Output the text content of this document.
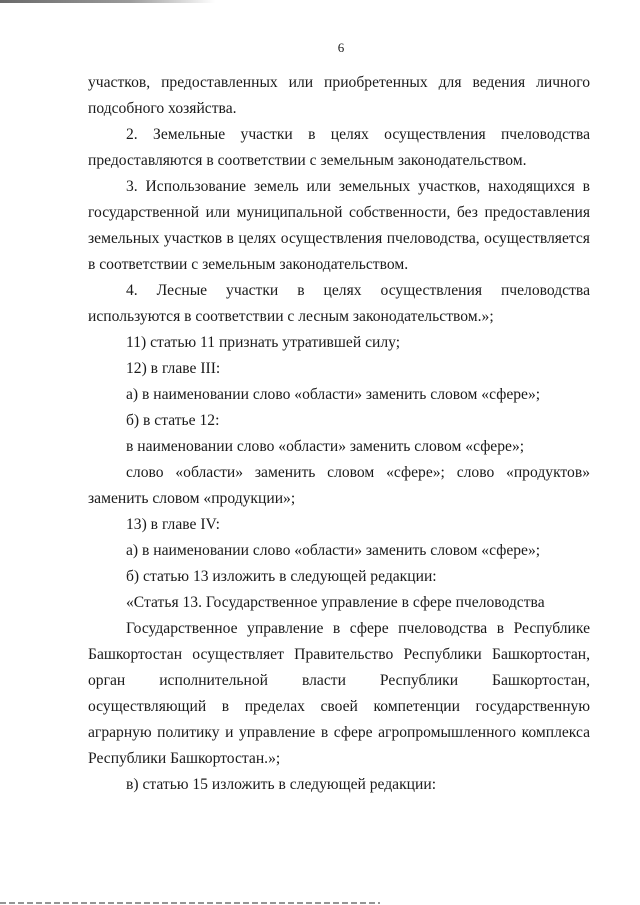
6

участков, предоставленных или приобретенных для ведения личного подсобного хозяйства.

2. Земельные участки в целях осуществления пчеловодства предоставляются в соответствии с земельным законодательством.

3. Использование земель или земельных участков, находящихся в государственной или муниципальной собственности, без предоставления земельных участков в целях осуществления пчеловодства, осуществляется в соответствии с земельным законодательством.

4. Лесные участки в целях осуществления пчеловодства используются в соответствии с лесным законодательством.»;

11) статью 11 признать утратившей силу;

12) в главе III:

а) в наименовании слово «области» заменить словом «сфере»;

б) в статье 12:

в наименовании слово «области» заменить словом «сфере»;

слово «области» заменить словом «сфере»; слово «продуктов» заменить словом «продукции»;

13) в главе IV:

а) в наименовании слово «области» заменить словом «сфере»;

б) статью 13 изложить в следующей редакции:

«Статья 13. Государственное управление в сфере пчеловодства

Государственное управление в сфере пчеловодства в Республике Башкортостан осуществляет Правительство Республики Башкортостан, орган исполнительной власти Республики Башкортостан, осуществляющий в пределах своей компетенции государственную аграрную политику и управление в сфере агропромышленного комплекса Республики Башкортостан.»;

в) статью 15 изложить в следующей редакции:
